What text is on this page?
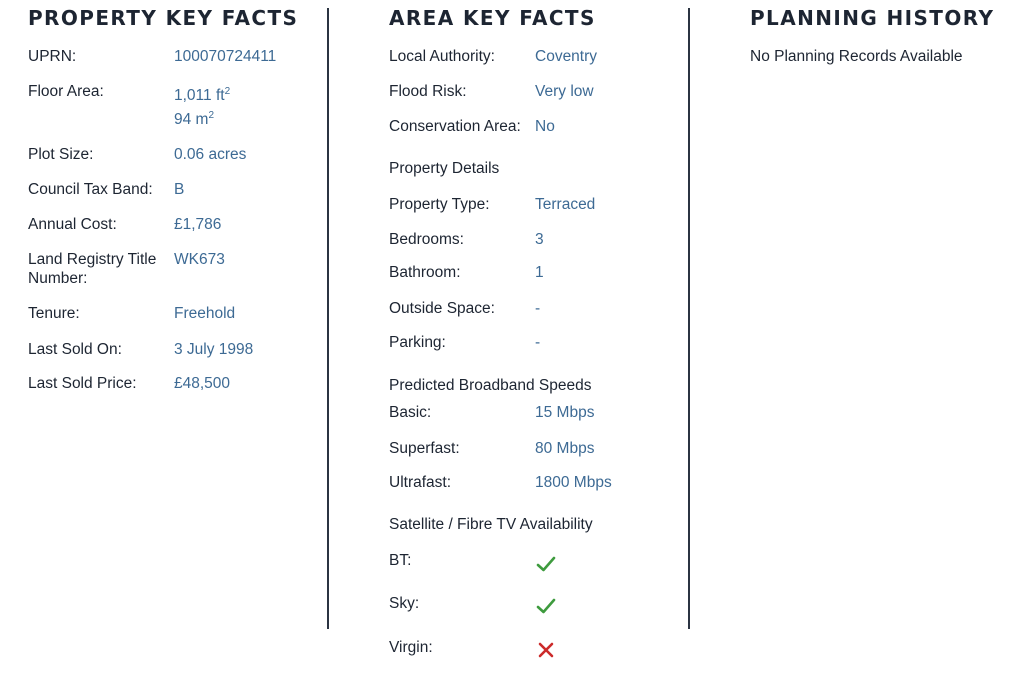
PROPERTY KEY FACTS
UPRN:	100070724411
Floor Area:	1,011 $ft^2$
94 $m^2$
Plot Size:	0.06 acres
Council Tax Band: B
Annual Cost:	£1,786
Land Registry Title Number:
WK673
Tenure:	Freehold
Last Sold On:	3 July 1998
Last Sold Price: £48,500
AREA KEY FACTS
Local Authority:	Coventry
Flood Risk:	Very low
Conservation Area: No
Property Details
Property Type:	Terraced
Bedrooms:	3
Bathroom:	1
Outside Space:	-
Parking:	-
Predicted Broadband Speeds
Basic:	15 Mbps
Superfast:	80 Mbps
Ultrafast:	1800 Mbps
Satellite / Fibre TV Availability
BT:
Sky:
Virgin:
PLANNING HISTORY
No Planning Records Available
